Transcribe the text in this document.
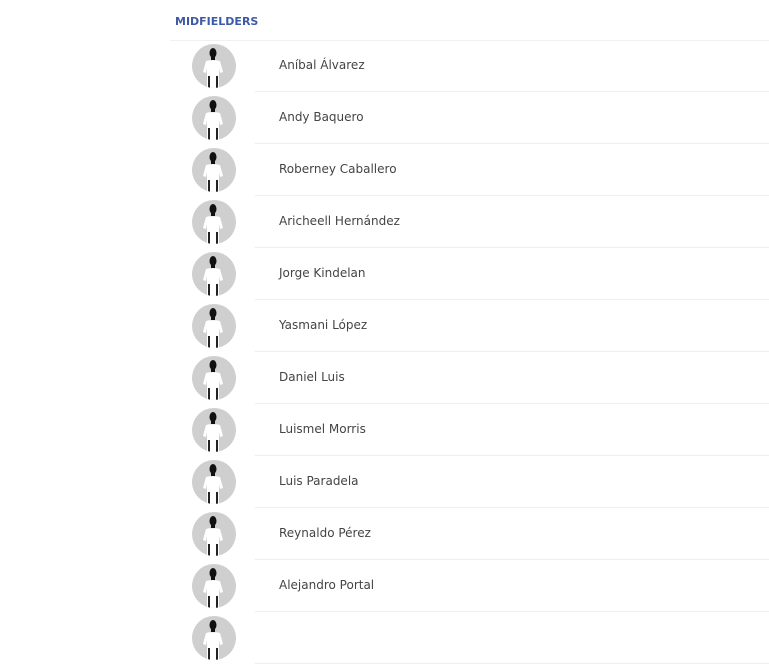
MIDFIELDERS
Aníbal Álvarez
Andy Baquero
Roberney Caballero
Aricheell Hernández
Jorge Kindelan
Yasmani López
Daniel Luis
Luismel Morris
Luis Paradela
Reynaldo Pérez
Alejandro Portal
